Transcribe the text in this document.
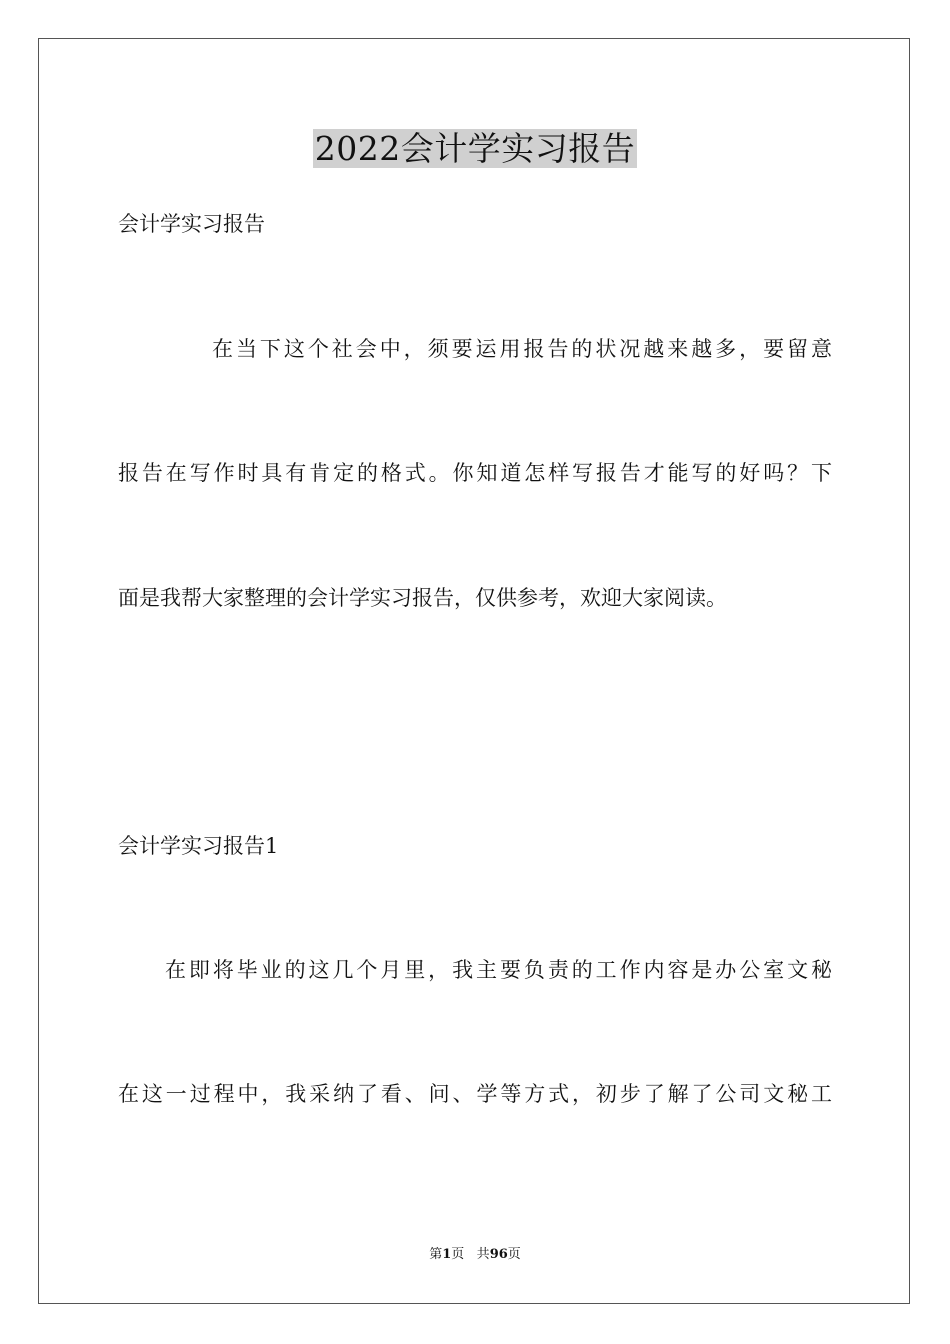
2022会计学实习报告
会计学实习报告
在当下这个社会中，须要运用报告的状况越来越多，要留意
报告在写作时具有肯定的格式。你知道怎样写报告才能写的好吗？下
面是我帮大家整理的会计学实习报告，仅供参考，欢迎大家阅读。
会计学实习报告1
在即将毕业的这几个月里，我主要负责的工作内容是办公室文秘
在这一过程中，我采纳了看、问、学等方式，初步了解了公司文秘工
第1页 共96页
